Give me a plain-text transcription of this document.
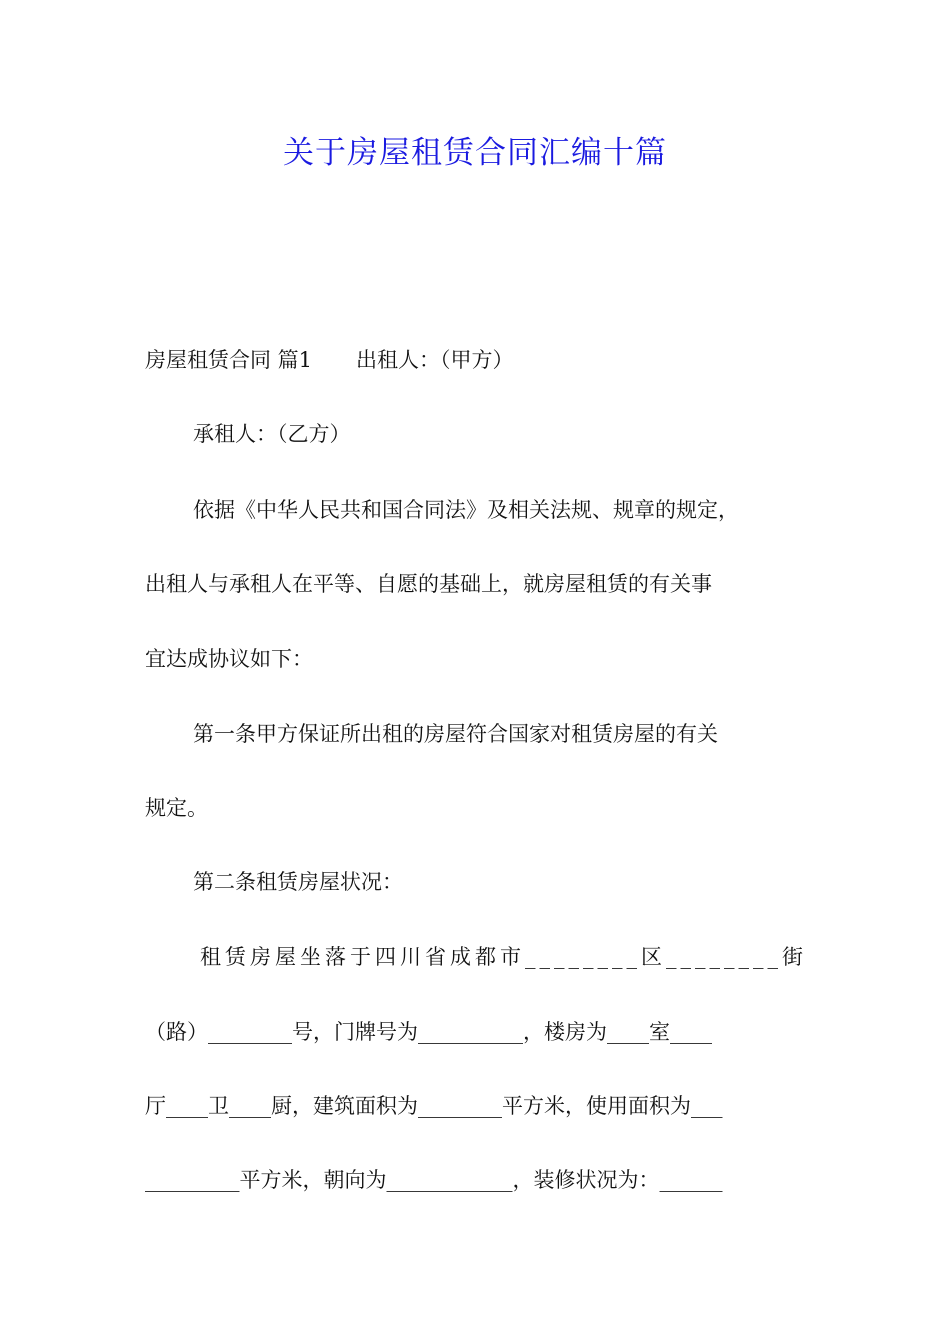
关于房屋租赁合同汇编十篇
房屋租赁合同 篇1 出租人：（甲方）
承租人：（乙方）
依据《中华人民共和国合同法》及相关法规、规章的规定，
出租人与承租人在平等、自愿的基础上，就房屋租赁的有关事
宜达成协议如下：
第一条甲方保证所出租的房屋符合国家对租赁房屋的有关
规定。
第二条租赁房屋状况：
租赁房屋坐落于四川省成都市________区________街
（路）________号，门牌号为__________，楼房为____室____
厅____卫____厨，建筑面积为________平方米，使用面积为___
_________平方米，朝向为____________，装修状况为：______
